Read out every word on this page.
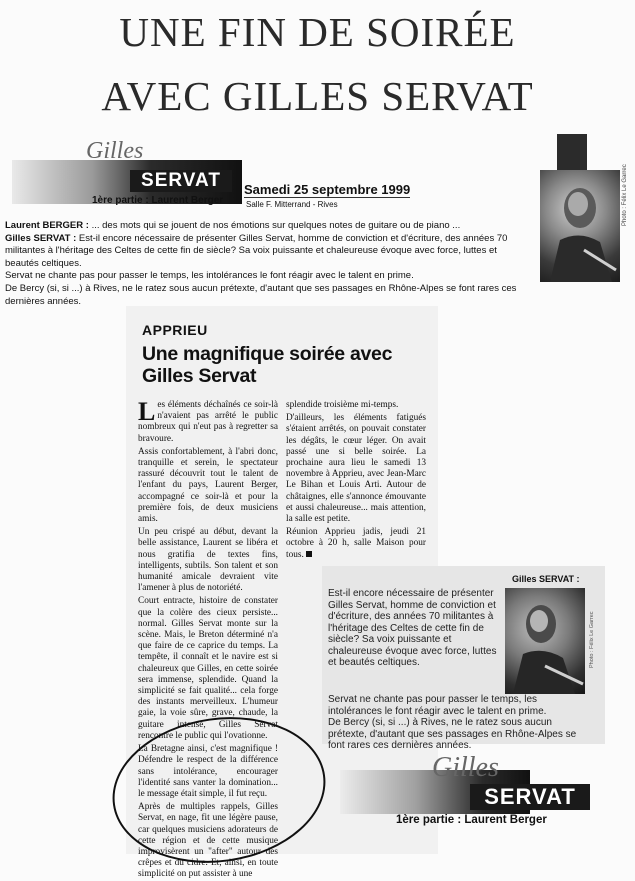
UNE FIN DE SOIRÉE
AVEC GILLES SERVAT
Gilles
SERVAT
1ère partie : Laurent Berger
Samedi 25 septembre 1999
Salle F. Mitterrand - Rives	Photo : Félix Le Garrec

Laurent BERGER : ... des mots qui se jouent de nos émotions sur quelques notes de guitare ou de piano ...

Gilles SERVAT : Est-il encore nécessaire de présenter Gilles Servat, homme de conviction et d'écriture, des années 70 militantes à l'héritage des Celtes de cette fin de siècle? Sa voix puissante et chaleureuse évoque avec force, luttes et beautés celtiques.

Servat ne chante pas pour passer le temps, les intolérances le font réagir avec le talent en prime.

De Bercy (si, si ...) à Rives, ne le ratez sous aucun prétexte, d'autant que ses passages en Rhône-Alpes se font rares ces dernières années.

APPRIEU
Une magnifique soirée avec Gilles Servat

Les éléments déchaînés ce soir-là n'avaient pas arrêté le public nombreux qui n'eut pas à regretter sa bravoure.

Assis confortablement, à l'abri donc, tranquille et serein, le spectateur rassuré découvrit tout le talent de l'enfant du pays, Laurent Berger, accompagné ce soir-là et pour la première fois, de deux musiciens amis.

Un peu crispé au début, devant la belle assistance, Laurent se libéra et nous gratifia de textes fins, intelligents, subtils. Son talent et son humanité amicale devraient vite l'amener à plus de notoriété.

Court entracte, histoire de constater que la colère des cieux persiste... normal. Gilles Servat monte sur la scène. Mais, le Breton déterminé n'a que faire de ce caprice du temps. La tempête, il connaît et le navire est si chaleureux que Gilles, en cette soirée sera immense, splendide. Quand la simplicité se fait qualité... cela forge des instants merveilleux. L'humeur gaie, la voie sûre, grave, chaude, la guitare intense, Gilles Servat rencontre le public qui l'ovationne.

La Bretagne ainsi, c'est magnifique ! Défendre le respect de la différence sans intolérance, encourager l'identité sans vanter la domination... le message était simple, il fut reçu.

Après de multiples rappels, Gilles Servat, en nage, fit une légère pause, car quelques musiciens adorateurs de cette région et de cette musique improvisèrent un "after" autour des crêpes et du cidre. Et, ainsi, en toute simplicité on put assister à une

splendide troisième mi-temps.

D'ailleurs, les éléments fatigués s'étaient arrêtés, on pouvait constater les dégâts, le cœur léger. On avait passé une si belle soirée. La prochaine aura lieu le samedi 13 novembre à Apprieu, avec Jean-Marc Le Bihan et Louis Arti. Autour de châtaignes, elle s'annonce émouvante et aussi chaleureuse... mais attention, la salle est petite.

Réunion Apprieu jadis, jeudi 21 octobre à 20 h, salle Maison pour tous.

Gilles SERVAT :

Est-il encore nécessaire de présenter Gilles Servat, homme de conviction et d'écriture, des années 70 militantes à l'héritage des Celtes de cette fin de siècle? Sa voix puissante et chaleureuse évoque avec force, luttes et beautés celtiques.	Photo : Félix Le Garrec

Servat ne chante pas pour passer le temps, les intolérances le font réagir avec le talent en prime.

De Bercy (si, si ...) à Rives, ne le ratez sous aucun prétexte, d'autant que ses passages en Rhône-Alpes se font rares ces dernières années.

Gilles
SERVAT
1ère partie : Laurent Berger
